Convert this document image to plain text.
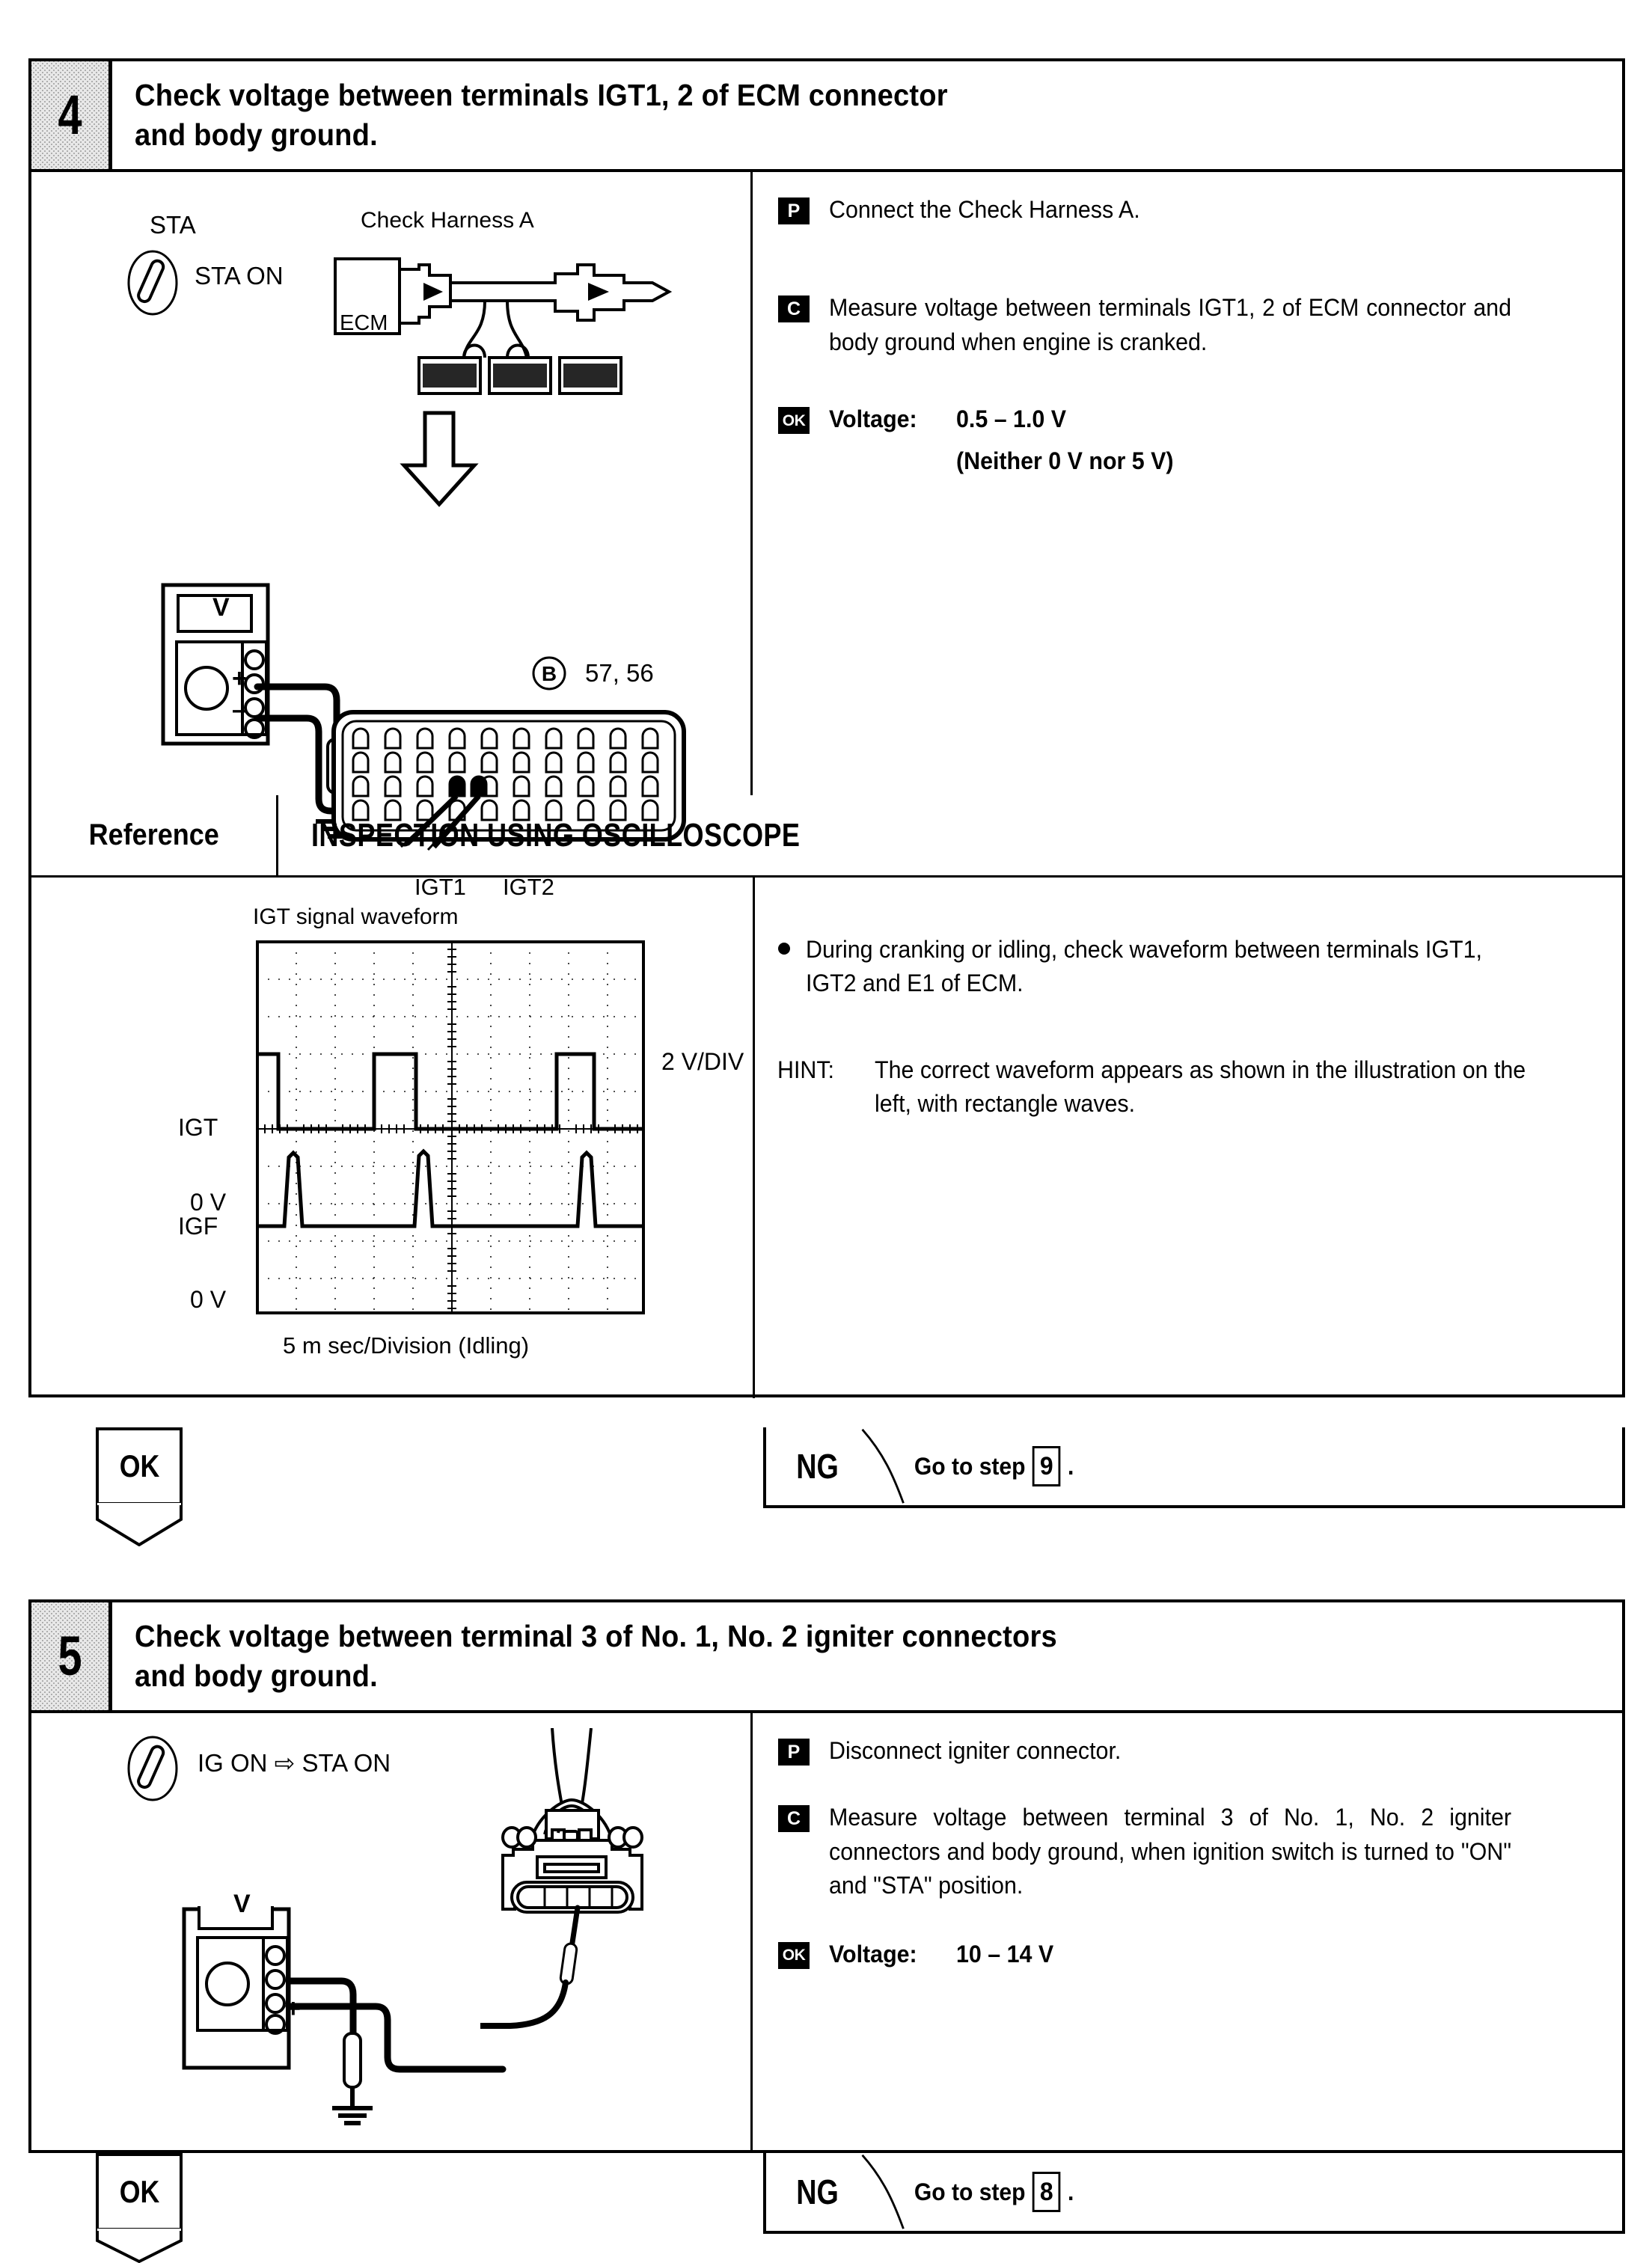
4 Check voltage between terminals IGT1, 2 of ECM connector
and body ground.
STA
STA ON
Check Harness A
ECM
B 57, 56
V
+
–
IGT1 IGT2
P	Connect the Check Harness A.
C	Measure voltage between terminals IGT1, 2 of ECM connector and body ground when engine is cranked.
OK Voltage:	0.5 – 1.0 V
(Neither 0 V nor 5 V)
Reference	INSPECTION USING OSCILLOSCOPE
IGT signal waveform
2 V/DIV
IGT
0 V
IGF
0 V
5 m sec/Division (Idling)
During cranking or idling, check waveform between terminals IGT1, IGT2 and E1 of ECM.
HINT:	The correct waveform appears as shown in the illustration on the left, with rectangle waves.
OK	NG	Go to step 9 .
5 Check voltage between terminal 3 of No. 1, No. 2 igniter connectors
and body ground.
IG ON ⇨ STA ON
V
–
+
P	Disconnect igniter connector.
C	Measure voltage between terminal 3 of No. 1, No. 2 igniter connectors and body ground, when ignition switch is turned to "ON" and "STA" position.
OK Voltage:	10 – 14 V
OK	NG	Go to step 8 .
